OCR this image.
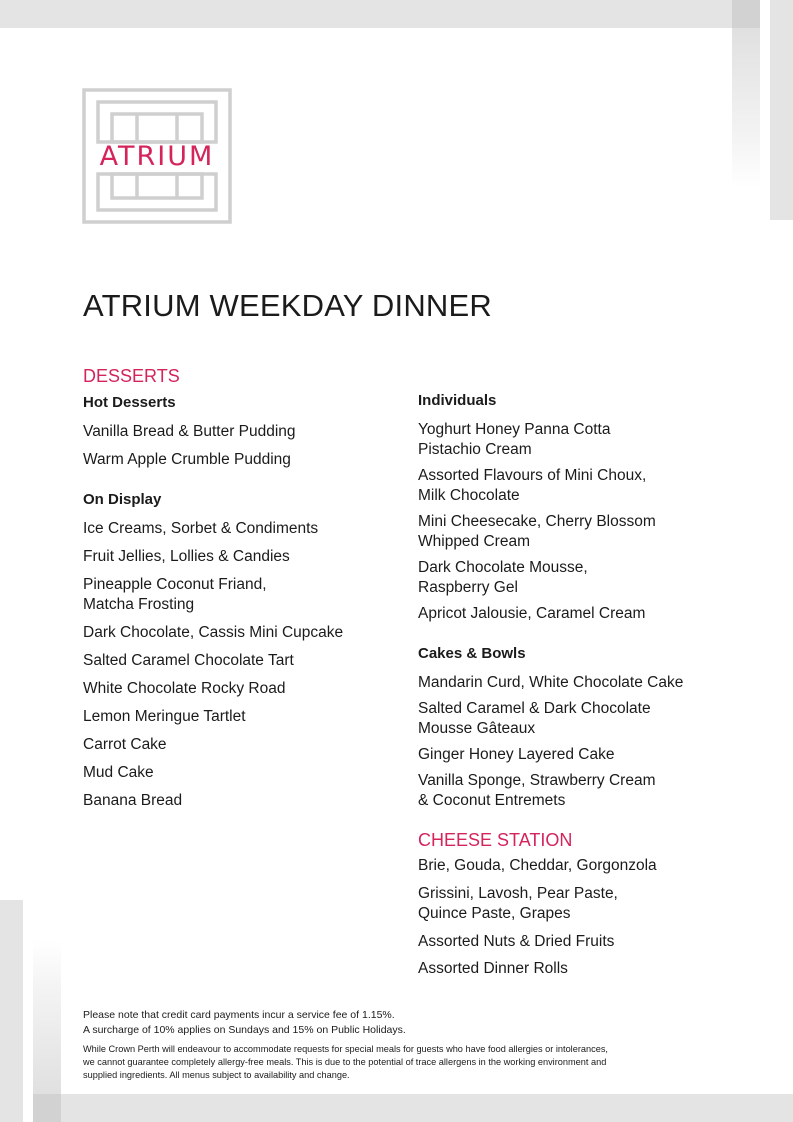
ATRIUM
ATRIUM WEEKDAY DINNER
DESSERTS
Hot Desserts
Vanilla Bread & Butter Pudding
Warm Apple Crumble Pudding
On Display
Ice Creams, Sorbet & Condiments
Fruit Jellies, Lollies & Candies
Pineapple Coconut Friand,
Matcha Frosting
Dark Chocolate, Cassis Mini Cupcake
Salted Caramel Chocolate Tart
White Chocolate Rocky Road
Lemon Meringue Tartlet
Carrot Cake
Mud Cake
Banana Bread
Individuals
Yoghurt Honey Panna Cotta
Pistachio Cream
Assorted Flavours of Mini Choux,
Milk Chocolate
Mini Cheesecake, Cherry Blossom
Whipped Cream
Dark Chocolate Mousse,
Raspberry Gel
Apricot Jalousie, Caramel Cream
Cakes & Bowls
Mandarin Curd, White Chocolate Cake
Salted Caramel & Dark Chocolate
Mousse Gâteaux
Ginger Honey Layered Cake
Vanilla Sponge, Strawberry Cream
& Coconut Entremets
CHEESE STATION
Brie, Gouda, Cheddar, Gorgonzola
Grissini, Lavosh, Pear Paste,
Quince Paste, Grapes
Assorted Nuts & Dried Fruits
Assorted Dinner Rolls
Please note that credit card payments incur a service fee of 1.15%.
A surcharge of 10% applies on Sundays and 15% on Public Holidays.
While Crown Perth will endeavour to accommodate requests for special meals for guests who have food allergies or intolerances,
we cannot guarantee completely allergy-free meals. This is due to the potential of trace allergens in the working environment and
supplied ingredients. All menus subject to availability and change.
